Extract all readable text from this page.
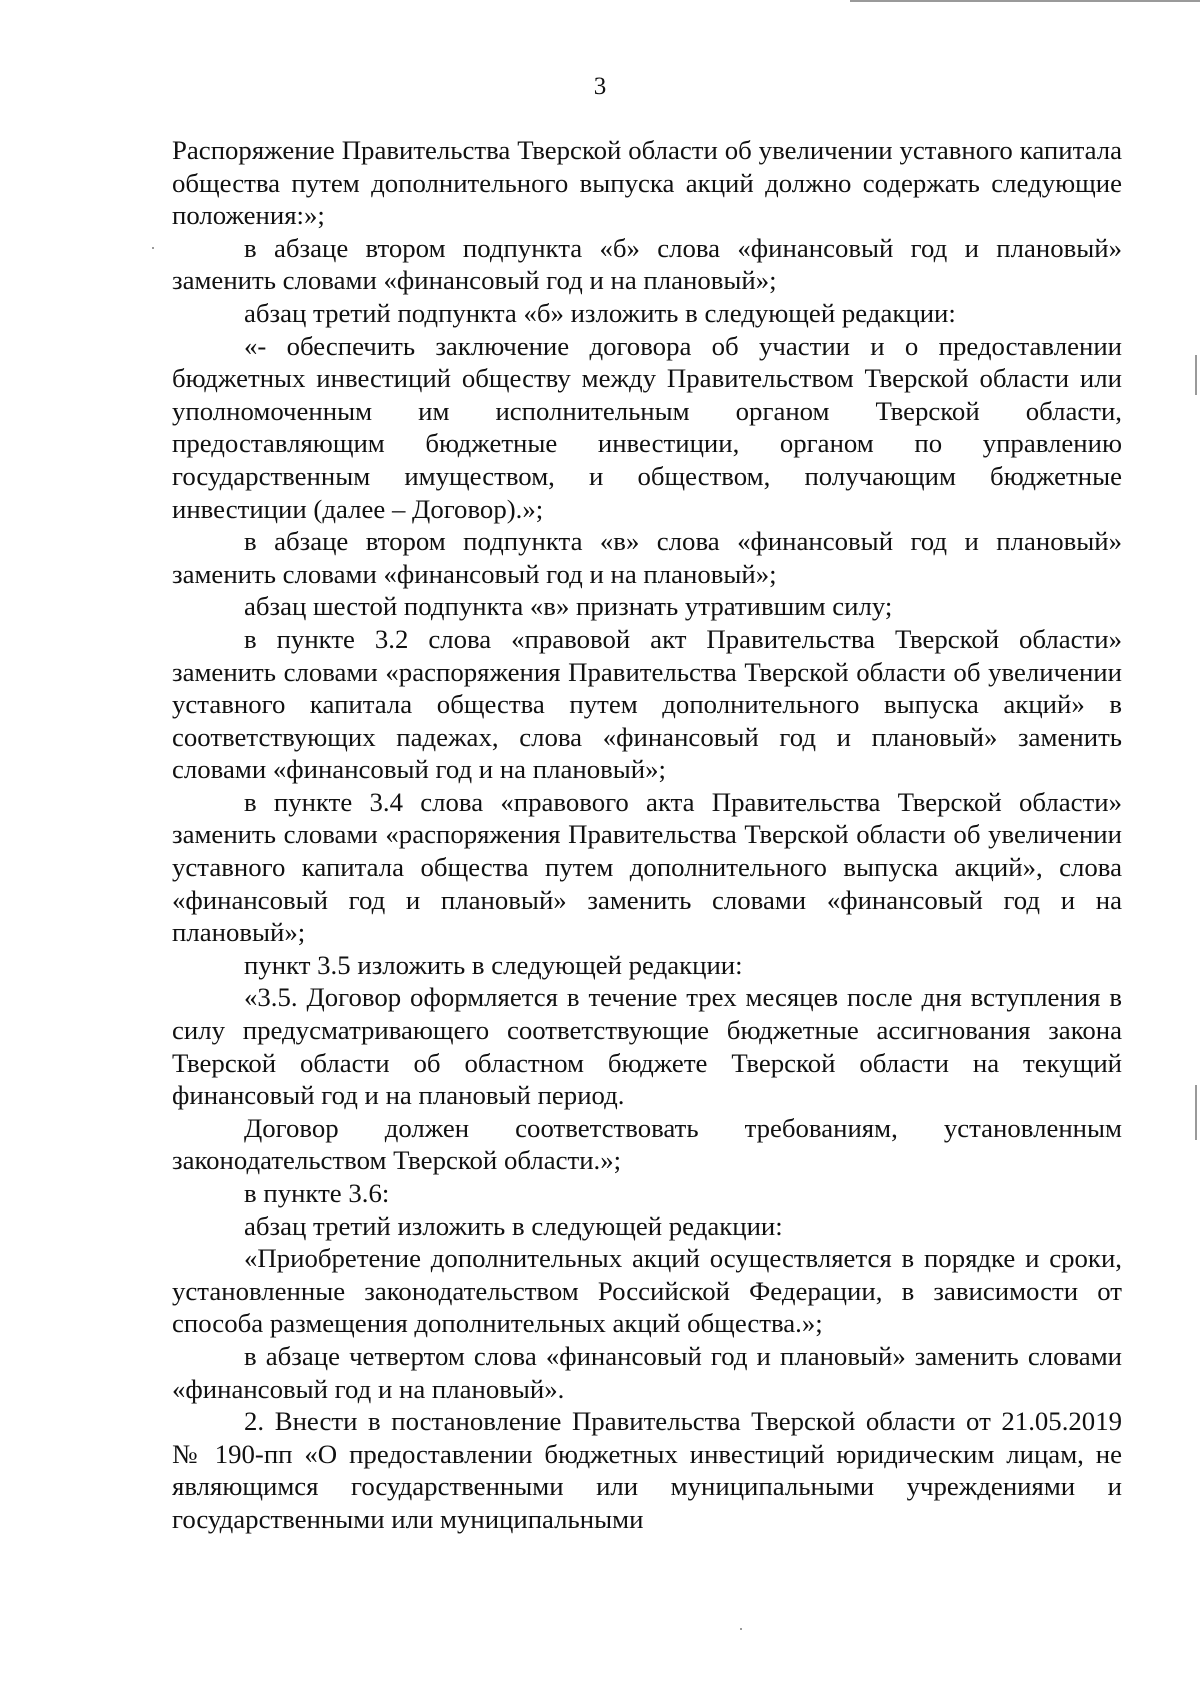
3

Распоряжение Правительства Тверской области об увеличении уставного капитала общества путем дополнительного выпуска акций должно содержать следующие положения:»;

в абзаце втором подпункта «б» слова «финансовый год и плановый» заменить словами «финансовый год и на плановый»;

абзац третий подпункта «б» изложить в следующей редакции:

«- обеспечить заключение договора об участии и о предоставлении бюджетных инвестиций обществу между Правительством Тверской области или уполномоченным им исполнительным органом Тверской области, предоставляющим бюджетные инвестиции, органом по управлению государственным имуществом, и обществом, получающим бюджетные инвестиции (далее – Договор).»;

в абзаце втором подпункта «в» слова «финансовый год и плановый» заменить словами «финансовый год и на плановый»;

абзац шестой подпункта «в» признать утратившим силу;

в пункте 3.2 слова «правовой акт Правительства Тверской области» заменить словами «распоряжения Правительства Тверской области об увеличении уставного капитала общества путем дополнительного выпуска акций» в соответствующих падежах, слова «финансовый год и плановый» заменить словами «финансовый год и на плановый»;

в пункте 3.4 слова «правового акта Правительства Тверской области» заменить словами «распоряжения Правительства Тверской области об увеличении уставного капитала общества путем дополнительного выпуска акций», слова «финансовый год и плановый» заменить словами «финансовый год и на плановый»;

пункт 3.5 изложить в следующей редакции:

«3.5. Договор оформляется в течение трех месяцев после дня вступления в силу предусматривающего соответствующие бюджетные ассигнования закона Тверской области об областном бюджете Тверской области на текущий финансовый год и на плановый период.

Договор должен соответствовать требованиям, установленным законодательством Тверской области.»;

в пункте 3.6:

абзац третий изложить в следующей редакции:

«Приобретение дополнительных акций осуществляется в порядке и сроки, установленные законодательством Российской Федерации, в зависимости от способа размещения дополнительных акций общества.»;

в абзаце четвертом слова «финансовый год и плановый» заменить словами «финансовый год и на плановый».

2. Внести в постановление Правительства Тверской области от 21.05.2019 № 190-пп «О предоставлении бюджетных инвестиций юридическим лицам, не являющимся государственными или муниципальными учреждениями и государственными или муниципальными
